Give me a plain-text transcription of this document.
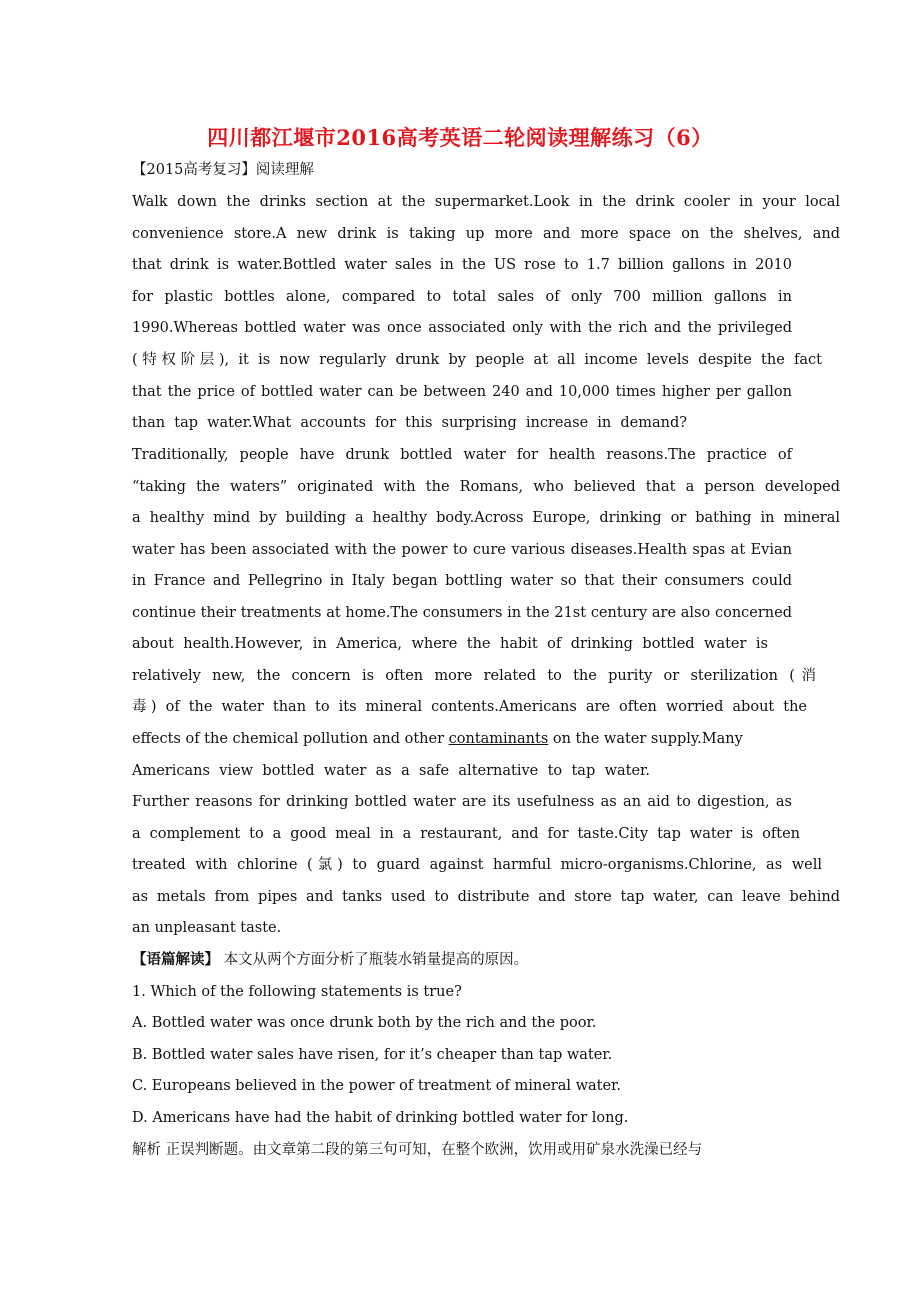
四川都江堰市2016高考英语二轮阅读理解练习（6）
【2015高考复习】阅读理解
Walk down the drinks section at the supermarket.Look in the drink cooler in your local
convenience store.A new drink is taking up more and more space on the shelves, and
that drink is water.Bottled water sales in the US rose to 1.7 billion gallons in 2010
for plastic bottles alone, compared to total sales of only 700 million gallons in
1990.Whereas bottled water was once associated only with the rich and the privileged
(特权阶层), it is now regularly drunk by people at all income levels despite the fact
that the price of bottled water can be between 240 and 10,000 times higher per gallon
than tap water.What accounts for this surprising increase in demand?
Traditionally, people have drunk bottled water for health reasons.The practice of
“taking the waters” originated with the Romans, who believed that a person developed
a healthy mind by building a healthy body.Across Europe, drinking or bathing in mineral
water has been associated with the power to cure various diseases.Health spas at Evian
in France and Pellegrino in Italy began bottling water so that their consumers could
continue their treatments at home.The consumers in the 21st century are also concerned
about health.However, in America, where the habit of drinking bottled water is
relatively new, the concern is often more related to the purity or sterilization (消
毒) of the water than to its mineral contents.Americans are often worried about the
effects of the chemical pollution and other contaminants on the water supply.Many
Americans view bottled water as a safe alternative to tap water.
Further reasons for drinking bottled water are its usefulness as an aid to digestion, as
a complement to a good meal in a restaurant, and for taste.City tap water is often
treated with chlorine (氯) to guard against harmful micro-organisms.Chlorine, as well
as metals from pipes and tanks used to distribute and store tap water, can leave behind
an unpleasant taste.
【语篇解读】 本文从两个方面分析了瓶装水销量提高的原因。
1. Which of the following statements is true?
A. Bottled water was once drunk both by the rich and the poor.
B. Bottled water sales have risen, for it’s cheaper than tap water.
C. Europeans believed in the power of treatment of mineral water.
D. Americans have had the habit of drinking bottled water for long.
解析 正误判断题。由文章第二段的第三句可知，在整个欧洲，饮用或用矿泉水洗澡已经与
